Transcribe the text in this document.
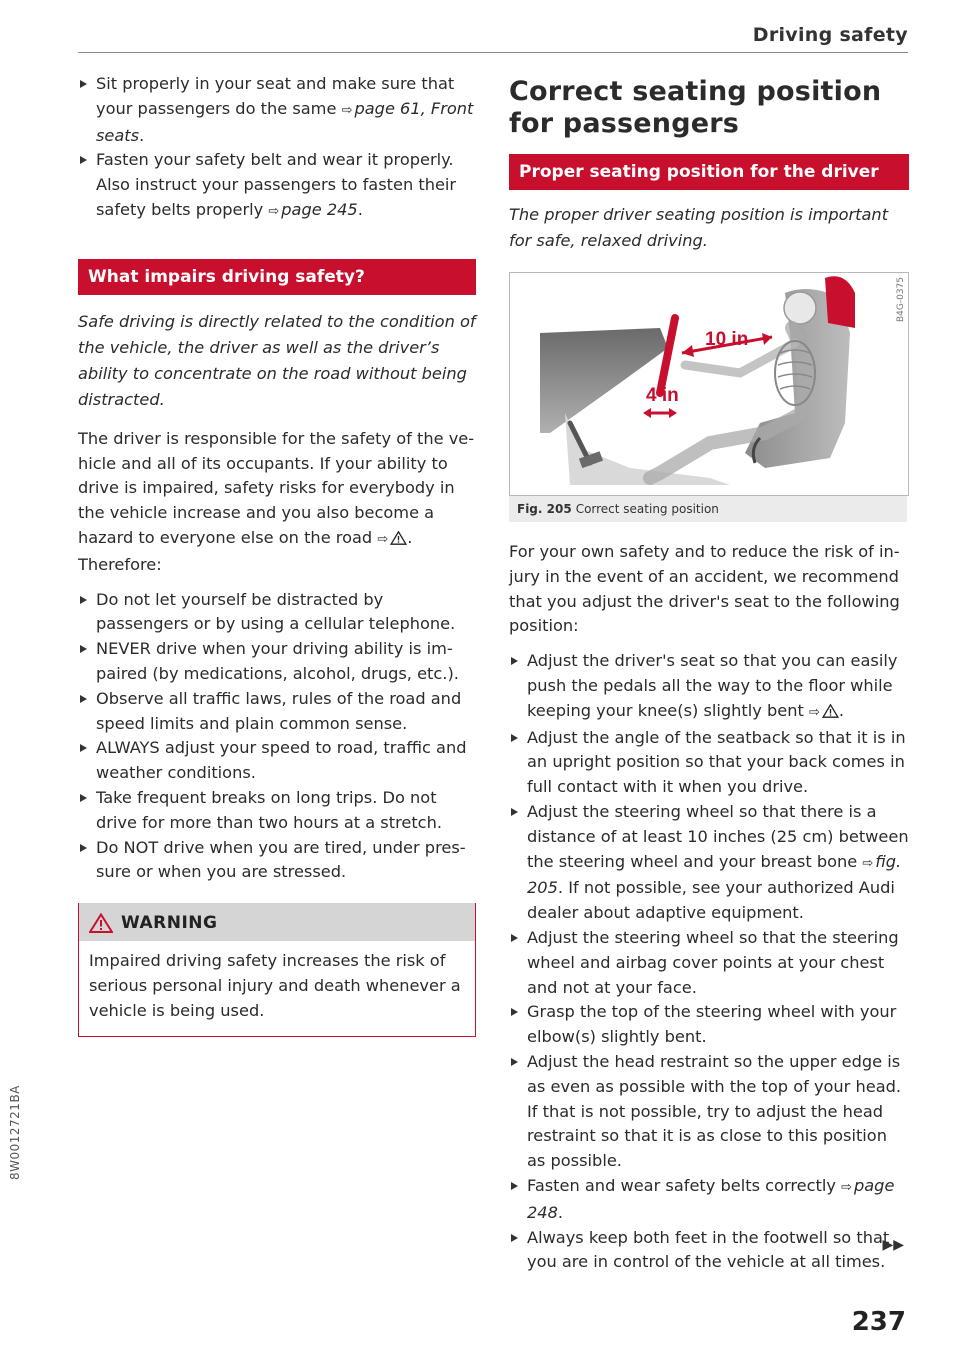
Driving safety
8W0012721BA
Sit properly in your seat and make sure that your passengers do the same ⇨ page 61, Front seats.
Fasten your safety belt and wear it properly. Also instruct your passengers to fasten their safety belts properly ⇨ page 245.
What impairs driving safety?

Safe driving is directly related to the condition of the vehicle, the driver as well as the driver’s ability to concentrate on the road without being distracted.

The driver is responsible for the safety of the vehicle and all of its occupants. If your ability to drive is impaired, safety risks for everybody in the vehicle increase and you also become a hazard to everyone else on the road ⇨ . Therefore:

Do not let yourself be distracted by passengers or by using a cellular telephone.
NEVER drive when your driving ability is impaired (by medications, alcohol, drugs, etc.).
Observe all traffic laws, rules of the road and speed limits and plain common sense.
ALWAYS adjust your speed to road, traffic and weather conditions.
Take frequent breaks on long trips. Do not drive for more than two hours at a stretch.
Do NOT drive when you are tired, under pressure or when you are stressed.
WARNING

Impaired driving safety increases the risk of serious personal injury and death whenever a vehicle is being used.

Correct seating position for passengers
Proper seating position for the driver

The proper driver seating position is important for safe, relaxed driving.

10 in
4 in
B4G-0375
Fig. 205 Correct seating position

For your own safety and to reduce the risk of injury in the event of an accident, we recommend that you adjust the driver's seat to the following position:

Adjust the driver's seat so that you can easily push the pedals all the way to the floor while keeping your knee(s) slightly bent ⇨ .
Adjust the angle of the seatback so that it is in an upright position so that your back comes in full contact with it when you drive.
Adjust the steering wheel so that there is a distance of at least 10 inches (25 cm) between the steering wheel and your breast bone ⇨ fig. 205. If not possible, see your authorized Audi dealer about adaptive equipment.
Adjust the steering wheel so that the steering wheel and airbag cover points at your chest and not at your face.
Grasp the top of the steering wheel with your elbow(s) slightly bent.
Adjust the head restraint so the upper edge is as even as possible with the top of your head. If that is not possible, try to adjust the head restraint so that it is as close to this position as possible.
Fasten and wear safety belts correctly ⇨ page 248.
Always keep both feet in the footwell so that you are in control of the vehicle at all times.
▶▶
237
